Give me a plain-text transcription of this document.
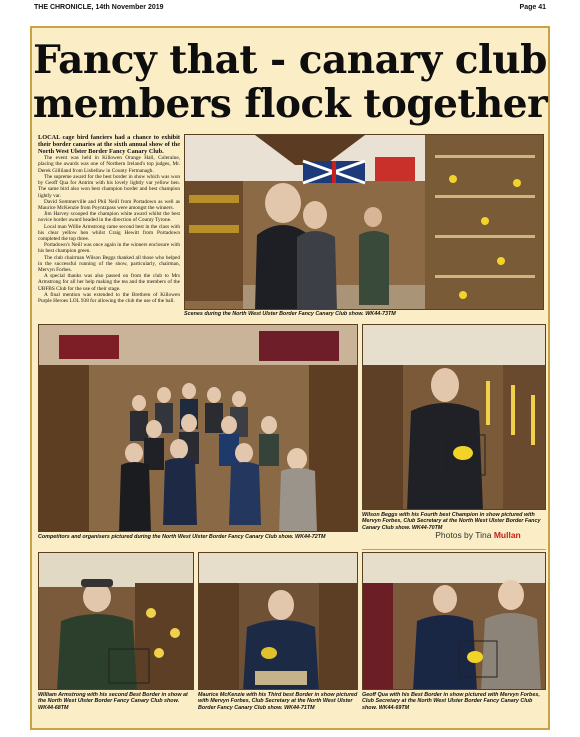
THE CHRONICLE, 14th November 2019	Page 41
Fancy that - canary club
members flock together

LOCAL cage bird fanciers had a chance to exhibit their border canaries at the sixth annual show of the North West Ulster Border Fancy Canary Club.

The event was held in Killowen Orange Hall, Coleraine, placing the awards was one of Northern Ireland's top judges, Mr. Derek Gilliland from Lisbellaw in County Fermanagh.

The supreme award for the best border in show which was won by Geoff Qua for Antrim with his lovely lightly var yellow hen. The same bird also won best champion border and best champion lightly var.

David Sommerville and Phil Neill from Portadown as well as Maurice McKenzie from Poyntzpass were amongst the winners.

Jim Harvey scooped the champion white award whilst the best novice border award headed in the direction of County Tyrone.

Local man Willie Armstrong came second best in the class with his clear yellow hen whilst Craig Hewitt from Portadown completed the top three.

Portadown's Neill was once again in the winners enclosure with his best champion green.

The club chairman Wilson Beggs thanked all those who helped in the successful running of the show, particularly, chairman, Mervyn Forbes.

A special thanks was also passed on from the club to Mrs Armstrong for all her help making the tea and the members of the UBFBS Club for the use of their stage.

A final mention was extended to the Brethren of Killowen Purple Heroes LOL 938 for allowing the club the use of the hall.

Scenes during the North West Ulster Border Fancy Canary Club show. WK44-73TM
Competitors and organisers pictured during the North West Ulster Border Fancy Canary Club show. WK44-72TM
Wilson Beggs with his Fourth best Champion in show pictured with Mervyn Forbes, Club Secretary at the North West Ulster Border Fancy Canary Club show. WK44-70TM
Photos by Tina Mullan
William Armstrong with his second Best Border in show at the North West Ulster Border Fancy Canary Club show. WK44-68TM
Maurice McKenzie with his Third best Border in show pictured with Mervyn Forbes, Club Secretary at the North West Ulster Border Fancy Canary Club show. WK44-71TM
Geoff Qua with his Best Border in show pictured with Mervyn Forbes, Club Secretary at the North West Ulster Border Fancy Canary Club show. WK44-69TM
